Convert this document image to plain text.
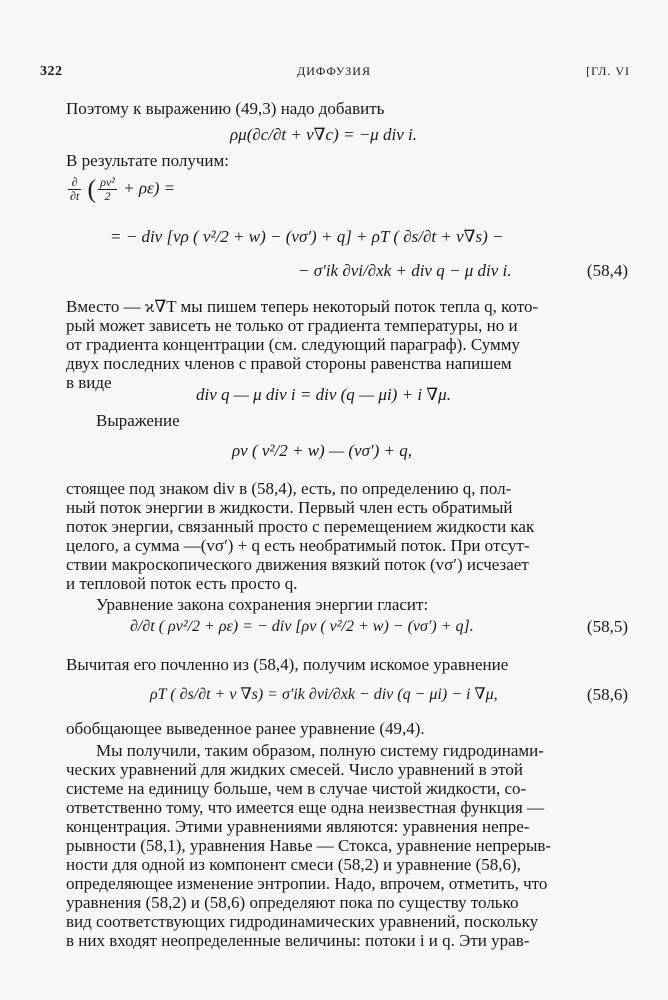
322	ДИФФУЗИЯ	[ГЛ. VI
Поэтому к выражению (49,3) надо добавить
ρμ(∂c/∂t + v∇c) = −μ div i.
В результате получим:
$\frac{\partial}{\partial t}$ ( $\frac{\text{ρv²}}{2} + \rho\varepsilon$) =
= − div [vρ ( v²/2 + w) − (vσ′) + q] + ρT ( ∂s/∂t + v∇s) −
− σ′ik ∂vi/∂xk + div q − μ div i.	(58,4)
Вместо — ϰ∇T мы пишем теперь некоторый поток тепла q, кото-
рый может зависеть не только от градиента температуры, но и
от градиента концентрации (см. следующий параграф). Сумму
двух последних членов с правой стороны равенства напишем
в виде
div q — μ div i = div (q — μi) + i ∇μ.
Выражение
ρv ( v²/2 + w) — (vσ′) + q,
стоящее под знаком div в (58,4), есть, по определению q, пол-
ный поток энергии в жидкости. Первый член есть обратимый
поток энергии, связанный просто с перемещением жидкости как
целого, а сумма —(vσ′) + q есть необратимый поток. При отсут-
ствии макроскопического движения вязкий поток (vσ′) исчезает
и тепловой поток есть просто q.
Уравнение закона сохранения энергии гласит:
∂/∂t ( ρv²/2 + ρε) = − div [ρv ( v²/2 + w) − (vσ′) + q].	(58,5)
Вычитая его почленно из (58,4), получим искомое уравнение
ρT ( ∂s/∂t + v ∇s) = σ′ik ∂vi/∂xk − div (q − μi) − i ∇μ,	(58,6)
обобщающее выведенное ранее уравнение (49,4).
Мы получили, таким образом, полную систему гидродинами-
ческих уравнений для жидких смесей. Число уравнений в этой
системе на единицу больше, чем в случае чистой жидкости, со-
ответственно тому, что имеется еще одна неизвестная функция —
концентрация. Этими уравнениями являются: уравнения непре-
рывности (58,1), уравнения Навье — Стокса, уравнение непрерыв-
ности для одной из компонент смеси (58,2) и уравнение (58,6),
определяющее изменение энтропии. Надо, впрочем, отметить, что
уравнения (58,2) и (58,6) определяют пока по существу только
вид соответствующих гидродинамических уравнений, поскольку
в них входят неопределенные величины: потоки i и q. Эти урав-
